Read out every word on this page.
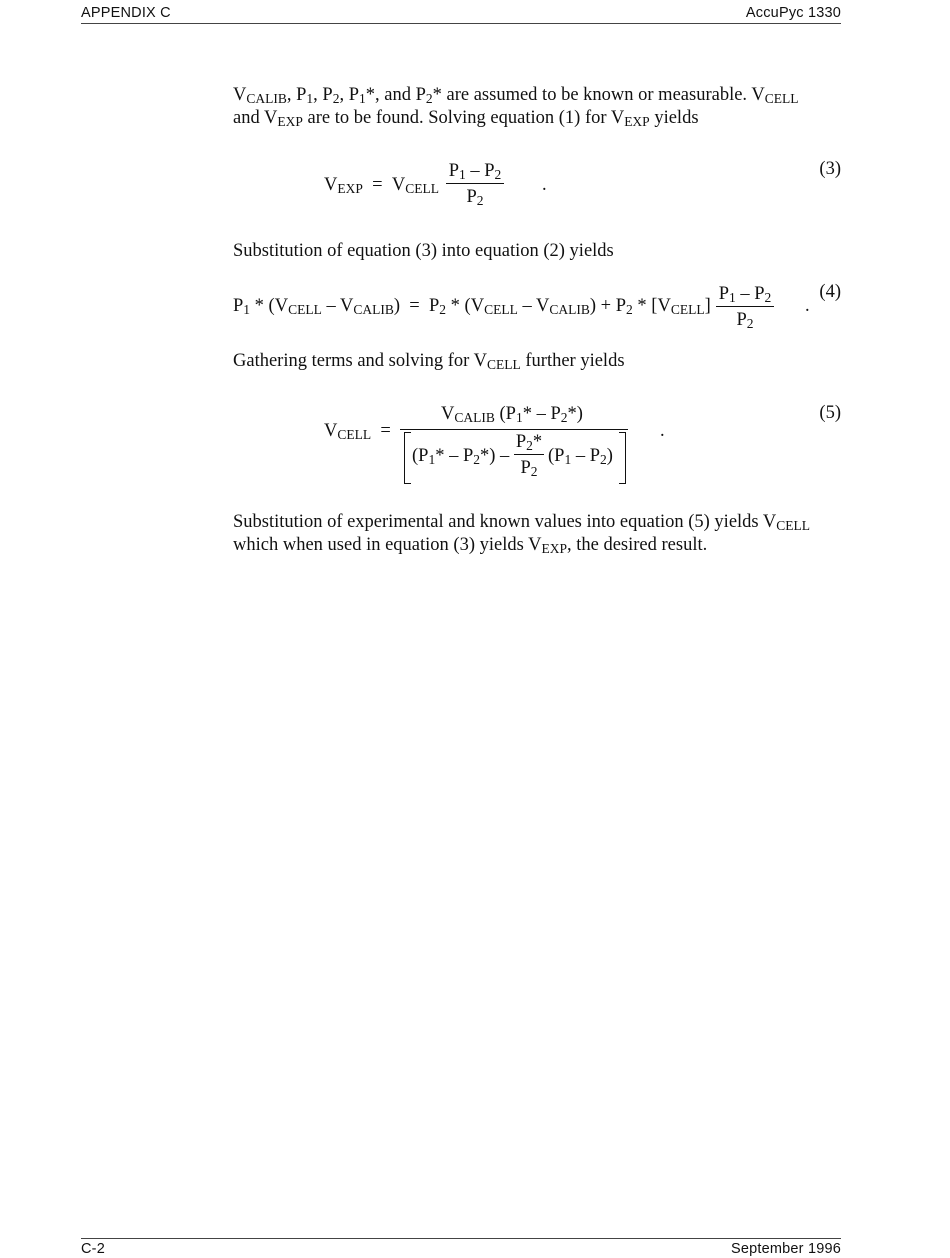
APPENDIX C	AccuPyc 1330
$V_{CALIB}$, $P_1$, $P_2$, $P_1*$, and $P_2*$ are assumed to be known or measurable. $V_{CELL}$
and $V_{EXP}$ are to be found. Solving equation (1) for $V_{EXP}$ yields
$V_{EXP} = V_{CELL}$
$P_1 - P_2$
$P_2$
.
(3)
Substitution of equation (3) into equation (2) yields
$P_1 * (V_{CELL} - V_{CALIB}) = P_2 * (V_{CELL} - V_{CALIB}) + P_2 * [V_{CELL}]$
$P_1 - P_2$
$P_2$
.
(4)
Gathering terms and solving for $V_{CELL}$ further yields
$V_{CELL}$  =
$V_{CALIB}$ $(P_1* - P_2*)$
$(P_1* - P_2*)$ –
$P_2*$
$P_2$
$(P_1 - P_2)$
.
(5)
Substitution of experimental and known values into equation (5) yields $V_{CELL}$
which when used in equation (3) yields $V_{EXP}$, the desired result.
C-2	September 1996
